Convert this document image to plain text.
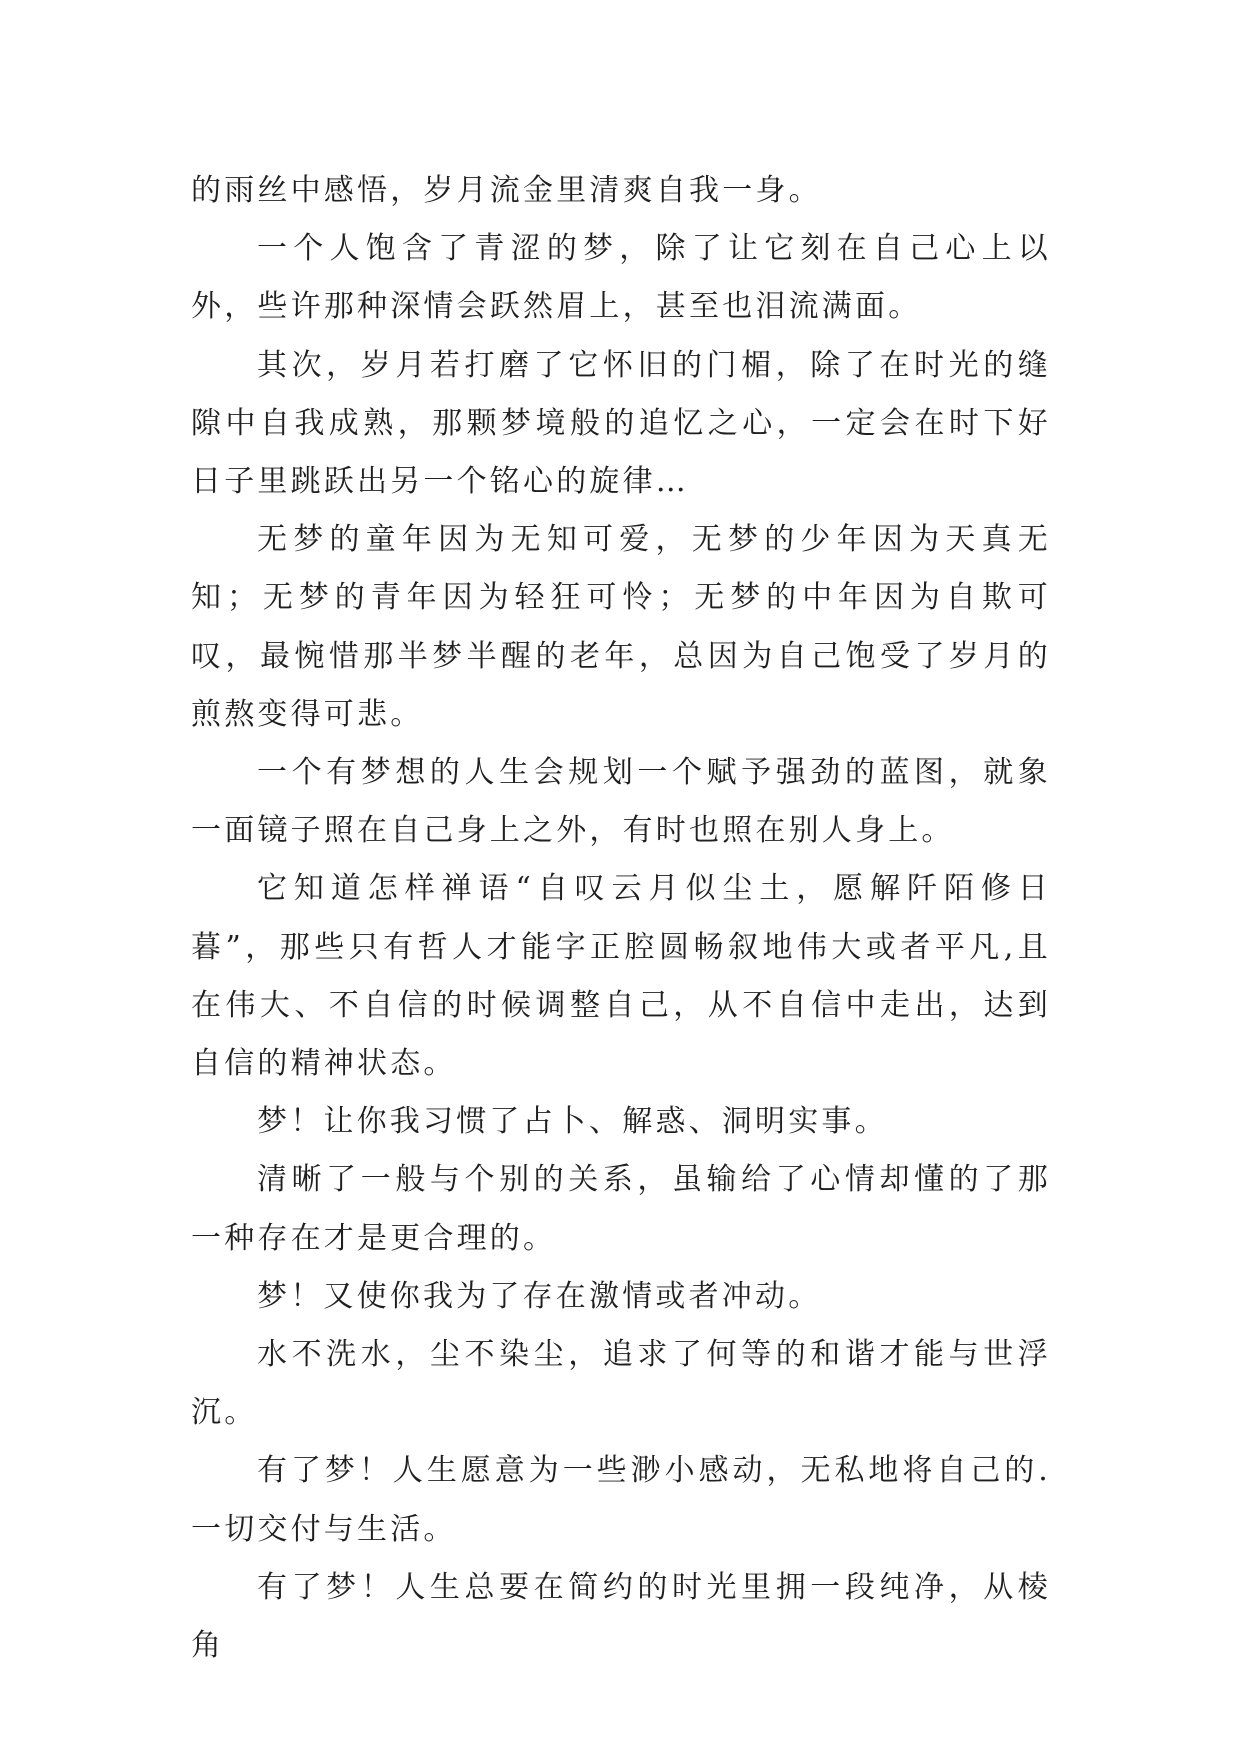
的雨丝中感悟，岁月流金里清爽自我一身。

一个人饱含了青涩的梦，除了让它刻在自己心上以外，些许那种深情会跃然眉上，甚至也泪流满面。

其次，岁月若打磨了它怀旧的门楣，除了在时光的缝隙中自我成熟，那颗梦境般的追忆之心，一定会在时下好日子里跳跃出另一个铭心的旋律…

无梦的童年因为无知可爱，无梦的少年因为天真无知；无梦的青年因为轻狂可怜；无梦的中年因为自欺可叹，最惋惜那半梦半醒的老年，总因为自己饱受了岁月的煎熬变得可悲。

一个有梦想的人生会规划一个赋予强劲的蓝图，就象一面镜子照在自己身上之外，有时也照在别人身上。

它知道怎样禅语“自叹云月似尘土，愿解阡陌修日暮”，那些只有哲人才能字正腔圆畅叙地伟大或者平凡,且在伟大、不自信的时候调整自己，从不自信中走出，达到自信的精神状态。

梦！让你我习惯了占卜、解惑、洞明实事。

清晰了一般与个别的关系，虽输给了心情却懂的了那一种存在才是更合理的。

梦！又使你我为了存在激情或者冲动。

水不洗水，尘不染尘，追求了何等的和谐才能与世浮沉。

有了梦！人生愿意为一些渺小感动，无私地将自己的.一切交付与生活。

有了梦！人生总要在简约的时光里拥一段纯净，从棱角
